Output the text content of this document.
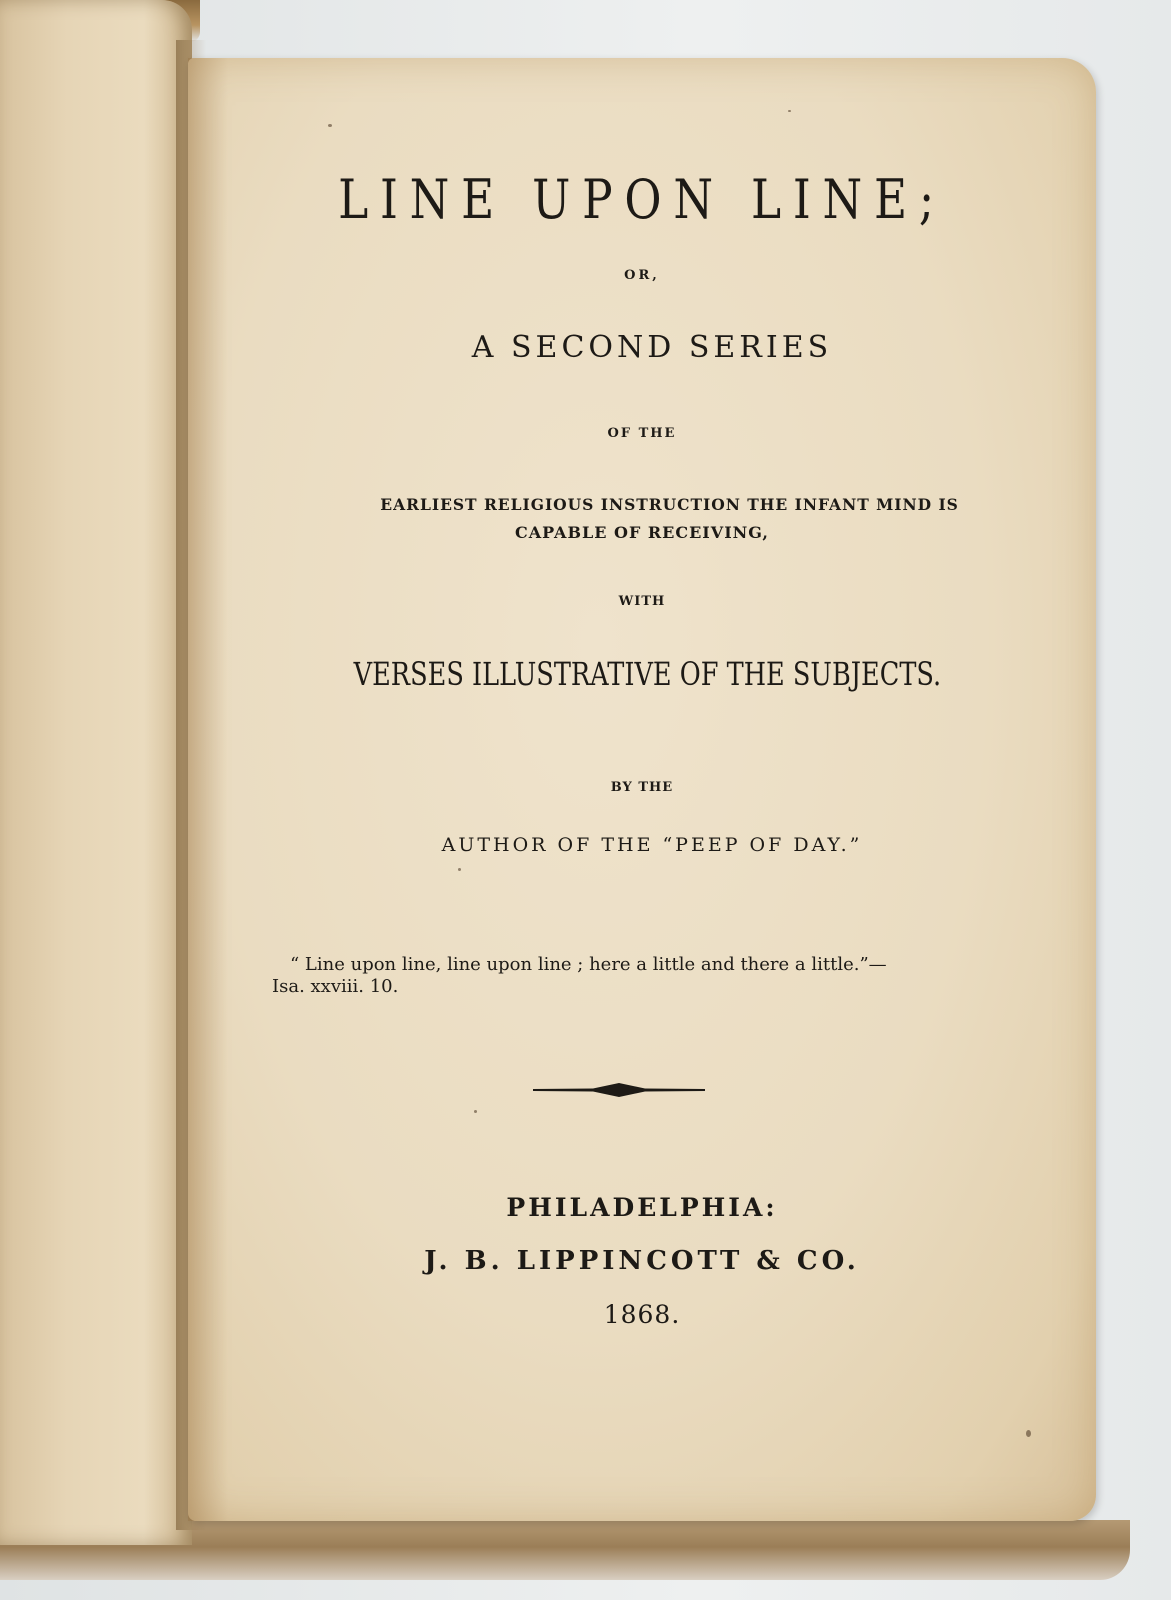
LINE UPON LINE;

OR,

A SECOND SERIES

OF THE

EARLIEST RELIGIOUS INSTRUCTION THE INFANT MIND IS

CAPABLE OF RECEIVING,

WITH

VERSES ILLUSTRATIVE OF THE SUBJECTS.

BY THE

AUTHOR OF THE “PEEP OF DAY.”

“ Line upon line, line upon line ; here a little and there a little.”—

Isa. xxviii. 10.

PHILADELPHIA:

J. B. LIPPINCOTT & CO.

1868.
